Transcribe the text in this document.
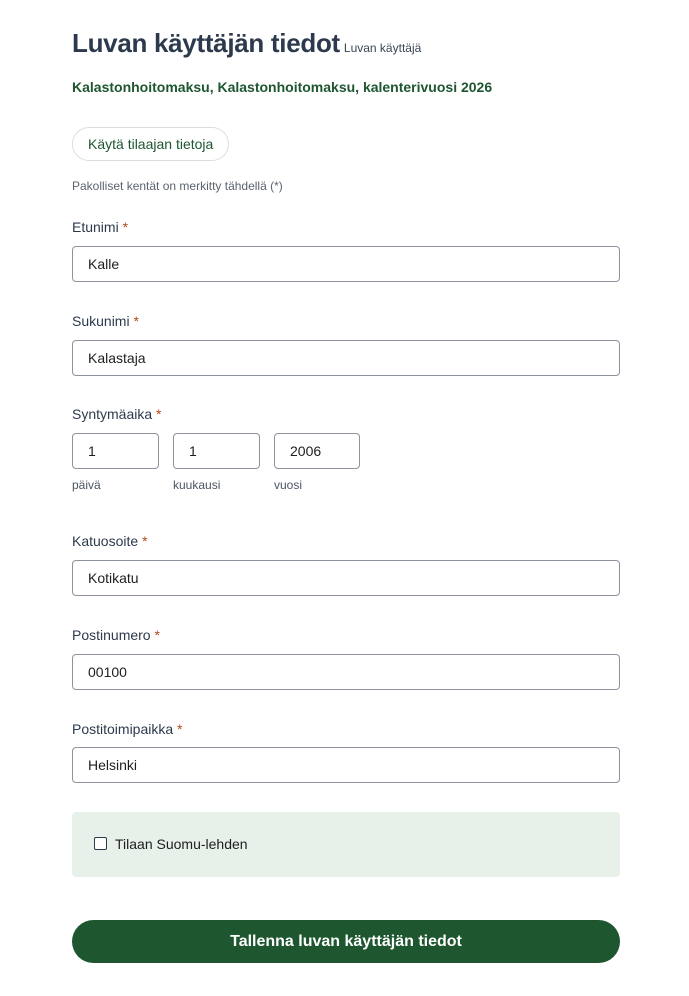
Luvan käyttäjän tiedot Luvan käyttäjä
Kalastonhoitomaksu, Kalastonhoitomaksu, kalenterivuosi 2026
Käytä tilaajan tietoja
Pakolliset kentät on merkitty tähdellä (*)
Etunimi *
Kalle
Sukunimi *
Kalastaja
Syntymäaika *
1
1
2006
päivä	kuukausi	vuosi
Katuosoite *
Kotikatu
Postinumero *
00100
Postitoimipaikka *
Helsinki
Tilaan Suomu-lehden
Tallenna luvan käyttäjän tiedot
